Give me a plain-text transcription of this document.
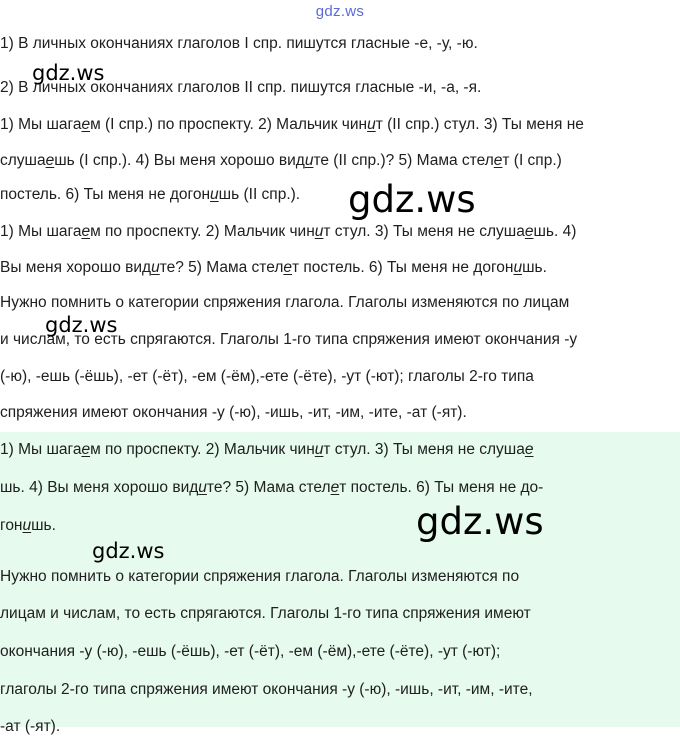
gdz.ws
1) В личных окончаниях глаголов I спр. пишутся гласные -е, -у, -ю.
2) В личных окончаниях глаголов II спр. пишутся гласные -и, -а, -я.
1) Мы шагаем (I спр.) по проспекту. 2) Мальчик чинит (II спр.) стул. 3) Ты меня не
слушаешь (I спр.). 4) Вы меня хорошо видите (II спр.)? 5) Мама стелет (I спр.)
постель. 6) Ты меня не догонишь (II спр.).
1) Мы шагаем по проспекту. 2) Мальчик чинит стул. 3) Ты меня не слушаешь. 4)
Вы меня хорошо видите? 5) Мама стелет постель. 6) Ты меня не догонишь.
Нужно помнить о категории спряжения глагола. Глаголы изменяются по лицам
и числам, то есть спрягаются. Глаголы 1-го типа спряжения имеют окончания -у
(-ю), -ешь (-ёшь), -ет (-ёт), -ем (-ём),-ете (-ёте), -ут (-ют); глаголы 2-го типа
спряжения имеют окончания -у (-ю), -ишь, -ит, -им, -ите, -ат (-ят).
1) Мы шагаем по проспекту. 2) Мальчик чинит стул. 3) Ты меня не слушае
шь. 4) Вы меня хорошо видите? 5) Мама стелет постель. 6) Ты меня не до-
гонишь.
Нужно помнить о категории спряжения глагола. Глаголы изменяются по
лицам и числам, то есть спрягаются. Глаголы 1-го типа спряжения имеют
окончания -у (-ю), -ешь (-ёшь), -ет (-ёт), -ем (-ём),-ете (-ёте), -ут (-ют);
глаголы 2-го типа спряжения имеют окончания -у (-ю), -ишь, -ит, -им, -ите,
-ат (-ят).
gdz.ws
gdz.ws
gdz.ws
gdz.ws
gdz.ws
